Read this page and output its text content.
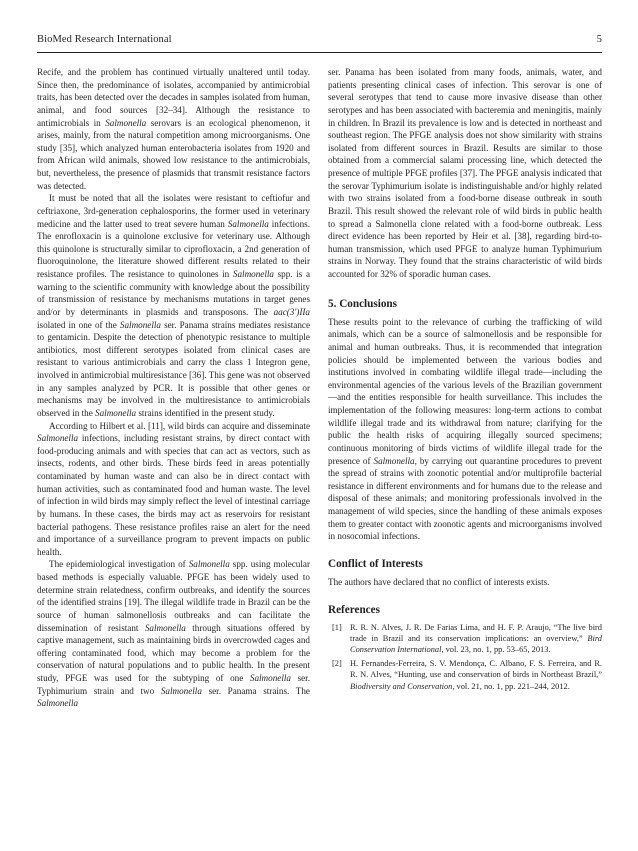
BioMed Research International	5

Recife, and the problem has continued virtually unaltered until today. Since then, the predominance of isolates, accompanied by antimicrobial traits, has been detected over the decades in samples isolated from human, animal, and food sources [32–34]. Although the resistance to antimicrobials in Salmonella serovars is an ecological phenomenon, it arises, mainly, from the natural competition among microorganisms. One study [35], which analyzed human enterobacteria isolates from 1920 and from African wild animals, showed low resistance to the antimicrobials, but, nevertheless, the presence of plasmids that transmit resistance factors was detected.

It must be noted that all the isolates were resistant to ceftiofur and ceftriaxone, 3rd-generation cephalosporins, the former used in veterinary medicine and the latter used to treat severe human Salmonella infections. The enrofloxacin is a quinolone exclusive for veterinary use. Although this quinolone is structurally similar to ciprofloxacin, a 2nd generation of fluoroquinolone, the literature showed different results related to their resistance profiles. The resistance to quinolones in Salmonella spp. is a warning to the scientific community with knowledge about the possibility of transmission of resistance by mechanisms mutations in target genes and/or by determinants in plasmids and transposons. The aac(3')IIa isolated in one of the Salmonella ser. Panama strains mediates resistance to gentamicin. Despite the detection of phenotypic resistance to multiple antibiotics, most different serotypes isolated from clinical cases are resistant to various antimicrobials and carry the class 1 Integron gene, involved in antimicrobial multiresistance [36]. This gene was not observed in any samples analyzed by PCR. It is possible that other genes or mechanisms may be involved in the multiresistance to antimicrobials observed in the Salmonella strains identified in the present study.

According to Hilbert et al. [11], wild birds can acquire and disseminate Salmonella infections, including resistant strains, by direct contact with food-producing animals and with species that can act as vectors, such as insects, rodents, and other birds. These birds feed in areas potentially contaminated by human waste and can also be in direct contact with human activities, such as contaminated food and human waste. The level of infection in wild birds may simply reflect the level of intestinal carriage by humans. In these cases, the birds may act as reservoirs for resistant bacterial pathogens. These resistance profiles raise an alert for the need and importance of a surveillance program to prevent impacts on public health.

The epidemiological investigation of Salmonella spp. using molecular based methods is especially valuable. PFGE has been widely used to determine strain relatedness, confirm outbreaks, and identify the sources of the identified strains [19]. The illegal wildlife trade in Brazil can be the source of human salmonellosis outbreaks and can facilitate the dissemination of resistant Salmonella through situations offered by captive management, such as maintaining birds in overcrowded cages and offering contaminated food, which may become a problem for the conservation of natural populations and to public health. In the present study, PFGE was used for the subtyping of one Salmonella ser. Typhimurium strain and two Salmonella ser. Panama strains. The Salmonella

ser. Panama has been isolated from many foods, animals, water, and patients presenting clinical cases of infection. This serovar is one of several serotypes that tend to cause more invasive disease than other serotypes and has been associated with bacteremia and meningitis, mainly in children. In Brazil its prevalence is low and is detected in northeast and southeast region. The PFGE analysis does not show similarity with strains isolated from different sources in Brazil. Results are similar to those obtained from a commercial salami processing line, which detected the presence of multiple PFGE profiles [37]. The PFGE analysis indicated that the serovar Typhimurium isolate is indistinguishable and/or highly related with two strains isolated from a food-borne disease outbreak in south Brazil. This result showed the relevant role of wild birds in public health to spread a Salmonella clone related with a food-borne outbreak. Less direct evidence has been reported by Heir et al. [38], regarding bird-to-human transmission, which used PFGE to analyze human Typhimurium strains in Norway. They found that the strains characteristic of wild birds accounted for 32% of sporadic human cases.

5. Conclusions

These results point to the relevance of curbing the trafficking of wild animals, which can be a source of salmonellosis and be responsible for animal and human outbreaks. Thus, it is recommended that integration policies should be implemented between the various bodies and institutions involved in combating wildlife illegal trade—including the environmental agencies of the various levels of the Brazilian government—and the entities responsible for health surveillance. This includes the implementation of the following measures: long-term actions to combat wildlife illegal trade and its withdrawal from nature; clarifying for the public the health risks of acquiring illegally sourced specimens; continuous monitoring of birds victims of wildlife illegal trade for the presence of Salmonella, by carrying out quarantine procedures to prevent the spread of strains with zoonotic potential and/or multiprofile bacterial resistance in different environments and for humans due to the release and disposal of these animals; and monitoring professionals involved in the management of wild species, since the handling of these animals exposes them to greater contact with zoonotic agents and microorganisms involved in nosocomial infections.

Conflict of Interests

The authors have declared that no conflict of interests exists.

References
[1] R. R. N. Alves, J. R. De Farias Lima, and H. F. P. Araujo, “The live bird trade in Brazil and its conservation implications: an overview,” Bird Conservation International, vol. 23, no. 1, pp. 53–65, 2013.
[2] H. Fernandes-Ferreira, S. V. Mendonça, C. Albano, F. S. Ferreira, and R. R. N. Alves, “Hunting, use and conservation of birds in Northeast Brazil,” Biodiversity and Conservation, vol. 21, no. 1, pp. 221–244, 2012.
